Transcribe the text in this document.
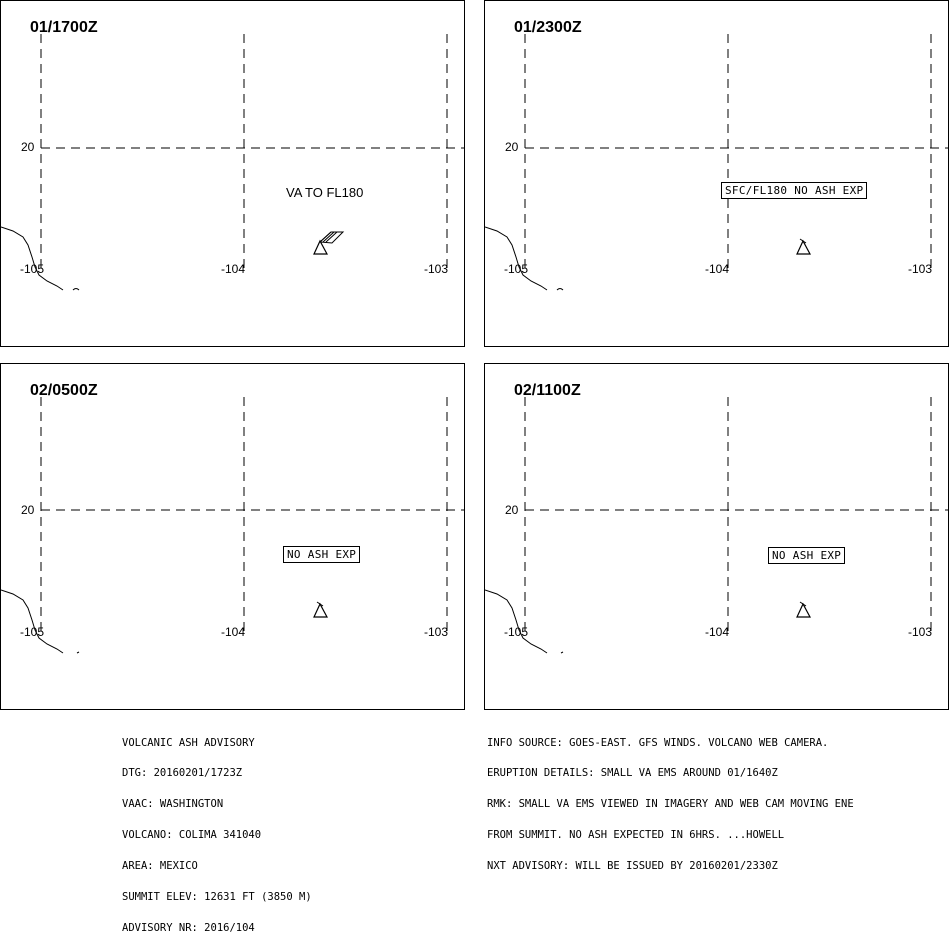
01/1700Z
20
-105	-104	-103
VA TO FL180
01/2300Z
20
-105	-104	-103
SFC/FL180 NO ASH EXP
02/0500Z
20
-105	-104	-103
NO ASH EXP
02/1100Z
20
-105	-104	-103
NO ASH EXP

VOLCANIC ASH ADVISORY

DTG: 20160201/1723Z

VAAC: WASHINGTON

VOLCANO: COLIMA 341040

AREA: MEXICO

SUMMIT ELEV: 12631 FT (3850 M)

ADVISORY NR: 2016/104

INFO SOURCE: GOES-EAST. GFS WINDS. VOLCANO WEB CAMERA.

ERUPTION DETAILS: SMALL VA EMS AROUND 01/1640Z

RMK: SMALL VA EMS VIEWED IN IMAGERY AND WEB CAM MOVING ENE

FROM SUMMIT. NO ASH EXPECTED IN 6HRS. ...HOWELL

NXT ADVISORY: WILL BE ISSUED BY 20160201/2330Z
